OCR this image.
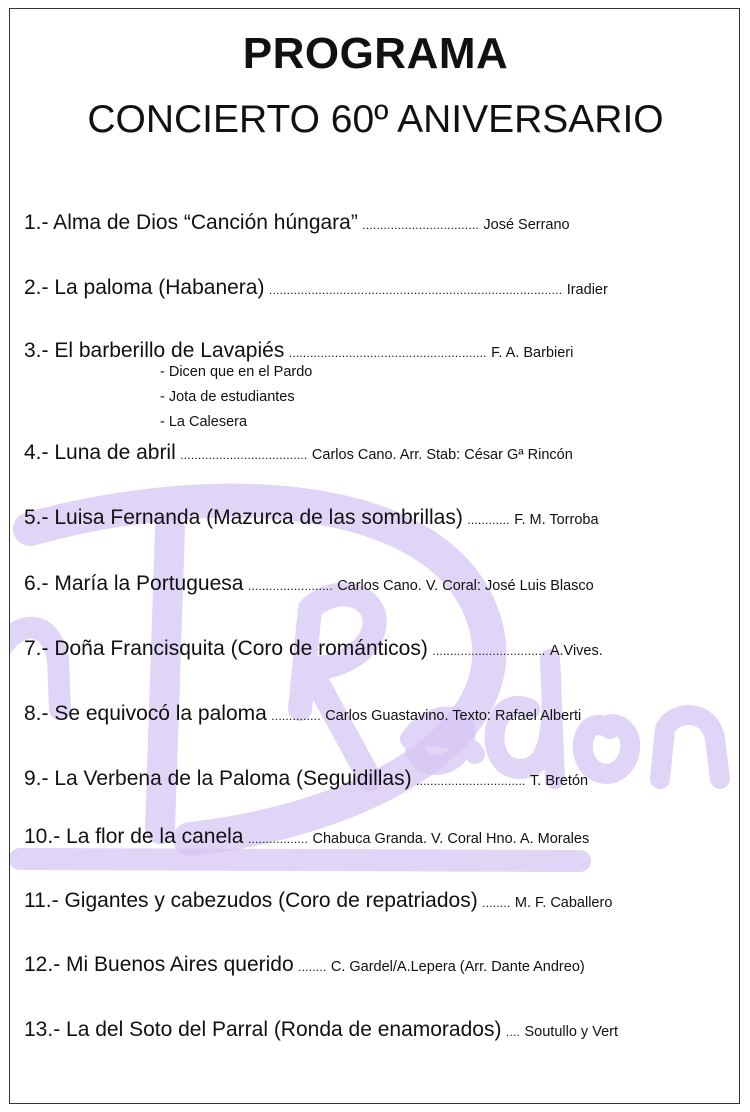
PROGRAMA
CONCIERTO 60º ANIVERSARIO
1.- Alma de Dios “Canción húngara” ................................. José Serrano
2.- La paloma (Habanera) ................................................................................... Iradier
3.- El barberillo de Lavapiés ........................................................ F. A. Barbieri
- Dicen que en el Pardo
- Jota de estudiantes
- La Calesera
4.- Luna de abril .................................... Carlos Cano. Arr. Stab: César Gª Rincón
5.- Luisa Fernanda (Mazurca de las sombrillas) ............ F. M. Torroba
6.- María la Portuguesa ........................ Carlos Cano. V. Coral: José Luis Blasco
7.- Doña Francisquita (Coro de románticos) ................................ A.Vives.
8.- Se equivocó la paloma .............. Carlos Guastavino. Texto: Rafael Alberti
9.- La Verbena de la Paloma (Seguidillas) ............................... T. Bretón
10.- La flor de la canela ................. Chabuca Granda. V. Coral Hno. A. Morales
11.- Gigantes y cabezudos (Coro de repatriados) ........ M. F. Caballero
12.- Mi Buenos Aires querido ........ C. Gardel/A.Lepera (Arr. Dante Andreo)
13.- La del Soto del Parral (Ronda de enamorados) .... Soutullo y Vert
